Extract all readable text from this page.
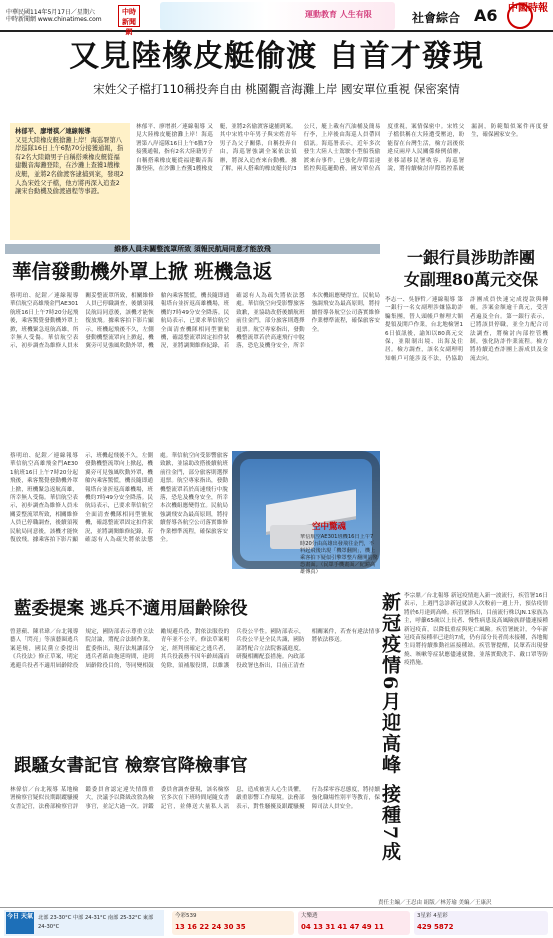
中華民國114年5月17日／星期六
中時新聞網 www.chinatimes.com
中時 新聞網
運動教育 人生有限	社會綜合 A6 中國時報
又見陸橡皮艇偷渡 自首才發現
宋姓父子檔打110稱投奔自由 桃園觀音海灘上岸 國安單位重視 保密案情
林郁平、廖增祺／連線報導
又見大陸橡皮艇搶灘上岸！海巡署第八岸巡隊16日上午6點70分接獲通報，指有2名大陸籍男子自稱搭乘橡皮艇從福建觀音海灘登陸，在沙灘上查獲1艘橡皮艇，並將2名偷渡客逮捕到案，發現2人為宋姓父子檔，他方將再深入追查2讓宋台動機及偷渡過程等事證。
林郁平、廖增祺／連線報導 又見大陸橡皮艇搶灘上岸！海巡署第八岸巡隊16日上午6點7分接獲通報，指有2名大陸籍男子自稱搭乘橡皮艇從福建觀音海灘登陸，在沙灘上查獲1艘橡皮艇，並將2名偷渡客逮捕到案。其中宋姓中年男子與宋姓青年男子為父子關係，自稱投奔自由，海巡署強調全案依法偵辦，將深入追查來台動機。據了解，兩人搭乘的橡皮艇長約3公尺，艇上載有汽油桶及簡易行李，上岸後由海巡人員帶回偵訊。海巡署表示，近年多次發生大陸人士駕駛小型船筏偷渡來台事件，已強化岸際雷達監控與巡邏勤務，國安單位高度重視，案情保密中。宋姓父子檔供稱在大陸遭受壓迫，盼能留在台灣生活，檢方訊後依違反兩岸人民關係條例偵辦，並移請移民署收容。海巡署說，將持續檢討岸際監控系統漏洞，防範類似案件再度發生，確保國家安全。
維修人員未關整流罩所致 須報民航局同意才能放飛
華信發動機外罩上掀 班機急返
蔡明珀、紀鎧／連線報導 華信航空高雄飛金門AE301航班16日上午7時20分起飛後，乘客驚覺發動機外罩上掀，班機緊急返航高雄，所幸無人受傷。華信航空表示，初步調查為維修人員未關妥整流罩所致，相關維修人員已停職調查，後續須報民航局同意後，該機才能恢復放飛。據乘客拍下影片顯示，班機起飛後不久，左側發動機整流罩向上掀起，機翼旁可見強風吹動外罩，機艙內乘客驚慌，機長隨即通報塔台並折返高雄機場，班機約7時49分安全降落。民航局表示，已要求華信航空全面清查機隊相同型號航機，確認整流罩固定扣件狀況，並將調閱維修紀錄，若確認有人為疏失將依法懲處。華信航空向受影響旅客致歉，並協助改搭後續航班前往金門，部分旅客則選擇退票。航空專家指出，發動機整流罩若於高速飛行中脫落，恐危及機身安全，所幸本次機組應變得宜。民航局強調飛安為最高原則，將持續督導各航空公司落實維修作業標準流程，確保旅客安全。
蔡明珀、紀鎧／連線報導 華信航空高雄飛金門AE301航班16日上午7時20分起飛後，乘客驚覺發動機外罩上掀，班機緊急返航高雄，所幸無人受傷。華信航空表示，初步調查為維修人員未關妥整流罩所致，相關維修人員已停職調查，後續須報民航局同意後，該機才能恢復放飛。據乘客拍下影片顯示，班機起飛後不久，左側發動機整流罩向上掀起，機翼旁可見強風吹動外罩，機艙內乘客驚慌，機長隨即通報塔台並折返高雄機場，班機約7時49分安全降落。民航局表示，已要求華信航空全面清查機隊相同型號航機，確認整流罩固定扣件狀況，並將調閱維修紀錄，若確認有人為疏失將依法懲處。華信航空向受影響旅客致歉，並協助改搭後續航班前往金門，部分旅客則選擇退票。航空專家指出，發動機整流罩若於高速飛行中脫落，恐危及機身安全，所幸本次機組應變得宜。民航局強調飛安為最高原則，將持續督導各航空公司落實維修作業標準流程，確保旅客安全。
空中驚魂
華信航空AE301班機16日上午7時20分由高雄出發飛往金門，不料起飛後出現「機罩翻開」，機上乘客拍下疑似引擎罩整片翻開的驚恐畫面。（民眾手機畫面／紀鎧高雄傳真）
藍委提案 逃兵不適用屆齡除役
曾薏蘋、陳君瑋／台北報導 藝人「閃亮」等演藝圈逃兵案延燒，國民黨立委提出《兵役法》修正草案，明定逃避兵役者不適用屆齡除役規定，國防部表示尊重立法院討論，將配合法制作業。藍委指出，現行法規讓部分逃兵者藉由拖延時間，達到屆齡除役目的，等同變相鼓勵規避兵役，對依法服役的青年並不公平。修法草案明定，經判刑確定之逃兵者，其兵役義務不因年齡屆滿而免除，須補服役期，以維護兵役公平性。國防部表示，兵役公平是全民共識，國防部將配合立法院審議進度，研擬相關配套措施。內政部役政署也指出，目前正清查相關案件，若查有違法情事將依法移送。
跟騷女書記官 檢察官降檢事官
林偉信／台北報導 某地檢署檢察官疑似長期跟蹤騷擾女書記官，法務部檢察官評鑑委員會認定違失情節重大，決議予以降級改敘為檢事官，並記大過一次。評鑑委員會調查發現，該名檢察官多次在下班時間尾隨女書記官，並傳送大量私人訊息，造成被害人心生畏懼，嚴重影響工作環境。法務部表示，對性騷擾及跟蹤騷擾行為採零容忍態度，將持續強化職場性別平等教育，保障司法人員安全。
一銀行員涉助詐團 女副理80萬元交保
李志一、吳靜哲／連線報導 第一銀行一名女副理涉嫌協助詐騙集團，替人頭帳戶辦理大額提領及開戶作業，台北地檢署16日偵訊後，諭知以80萬元交保，並限制出境、出海及住居。檢方調查，該名女副理明知帳戶可能涉及不法，仍協助詐團成員快速完成提款與轉帳，涉案金額逾千萬元，受害者遍及全台。第一銀行表示，已將該員停職，並全力配合司法調查，將檢討內部控管機制，強化防詐作業流程。檢方將持續追查詐團上游成員及金流去向。
新冠疫情6月迎高峰 接種7成 李宗鼎／台北報導 新冠疫情進入新一波流行，疾管署16日表示，上週門急診新冠就診人次較前一週上升，預估疫情將於6月達到高峰。疾管署指出，目前流行株以JN.1家族為主，呼籲65歲以上長者、慢性病患及高風險族群儘速接種新冠疫苗，以降低重症與死亡風險。疾管署統計，今年新冠疫苗接種率已達約7成，仍有部分長者尚未接種，各地衛生局將持續推動社區接種站。疾管署提醒，民眾若出現發燒、咳嗽等症狀應儘速就醫，並落實勤洗手、戴口罩等防疫措施。
責任主編／王忍由 組版／林芳瑜 美編／王康沢
今日 天氣 北部 23-30°C 中部 24-31°C 南部 25-32°C 東部 24-30°C
今彩539
13 16 22 24 30 35
大樂透
04 13 31 41 47 49 11
3星彩 4星彩
429 5872
